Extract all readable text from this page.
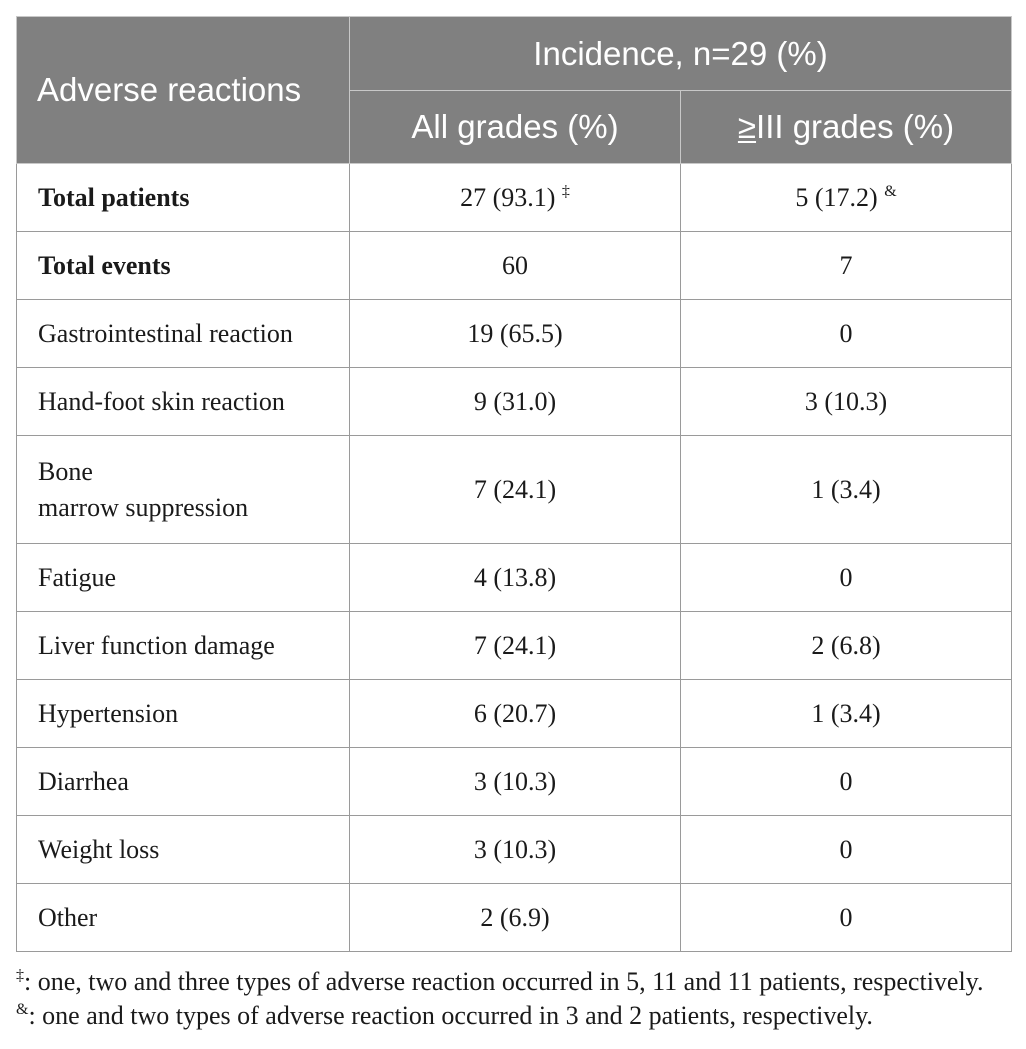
Adverse reactions	Incidence, n=29 (%)	
	All grades (%)	≥III grades (%)
Total patients	27 (93.1) ‡	5 (17.2) &
Total events	60	7
Gastrointestinal reaction	19 (65.5)	0
Hand-foot skin reaction	9 (31.0)	3 (10.3)
Bone
marrow suppression	7 (24.1)	1 (3.4)
Fatigue	4 (13.8)	0
Liver function damage	7 (24.1)	2 (6.8)
Hypertension	6 (20.7)	1 (3.4)
Diarrhea	3 (10.3)	0
Weight loss	3 (10.3)	0
Other	2 (6.9)	0

‡: one, two and three types of adverse reaction occurred in 5, 11 and 11 patients, respectively.

&: one and two types of adverse reaction occurred in 3 and 2 patients, respectively.
